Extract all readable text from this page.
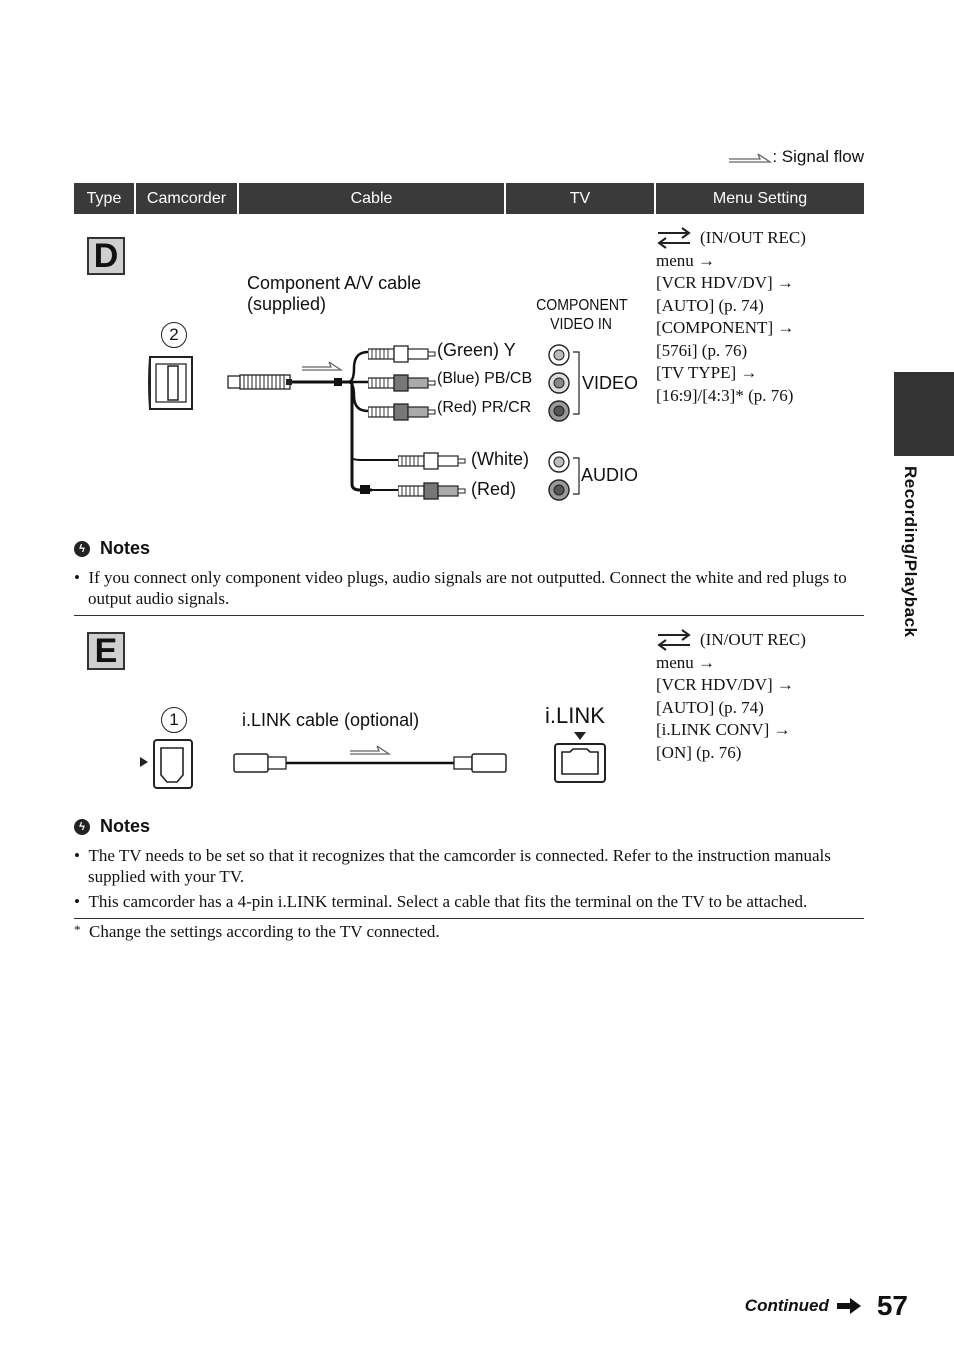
: Signal flow
Type	Camcorder	Cable	TV	Menu Setting
D
2
Component A/V cable
(supplied)
(Green) Y
(Blue) PB/CB
(Red) PR/CR
(White)
(Red)
COMPONENT
VIDEO IN
VIDEO
AUDIO
(IN/OUT REC)
menu →
[VCR HDV/DV] →
[AUTO] (p. 74)
[COMPONENT] →
[576i] (p. 76)
[TV TYPE] →
[16:9]/[4:3]* (p. 76)
ϟ Notes
•  If you connect only component video plugs, audio signals are not outputted. Connect the white and red plugs to output audio signals.
E
1	i.LINK cable (optional)	i.LINK
(IN/OUT REC)
menu →
[VCR HDV/DV] →
[AUTO] (p. 74)
[i.LINK CONV] →
[ON] (p. 76)
ϟ Notes
•  The TV needs to be set so that it recognizes that the camcorder is connected. Refer to the instruction manuals supplied with your TV.
•  This camcorder has a 4-pin i.LINK terminal. Select a cable that fits the terminal on the TV to be attached.
* Change the settings according to the TV connected.
Recording/Playback
Continued 57
